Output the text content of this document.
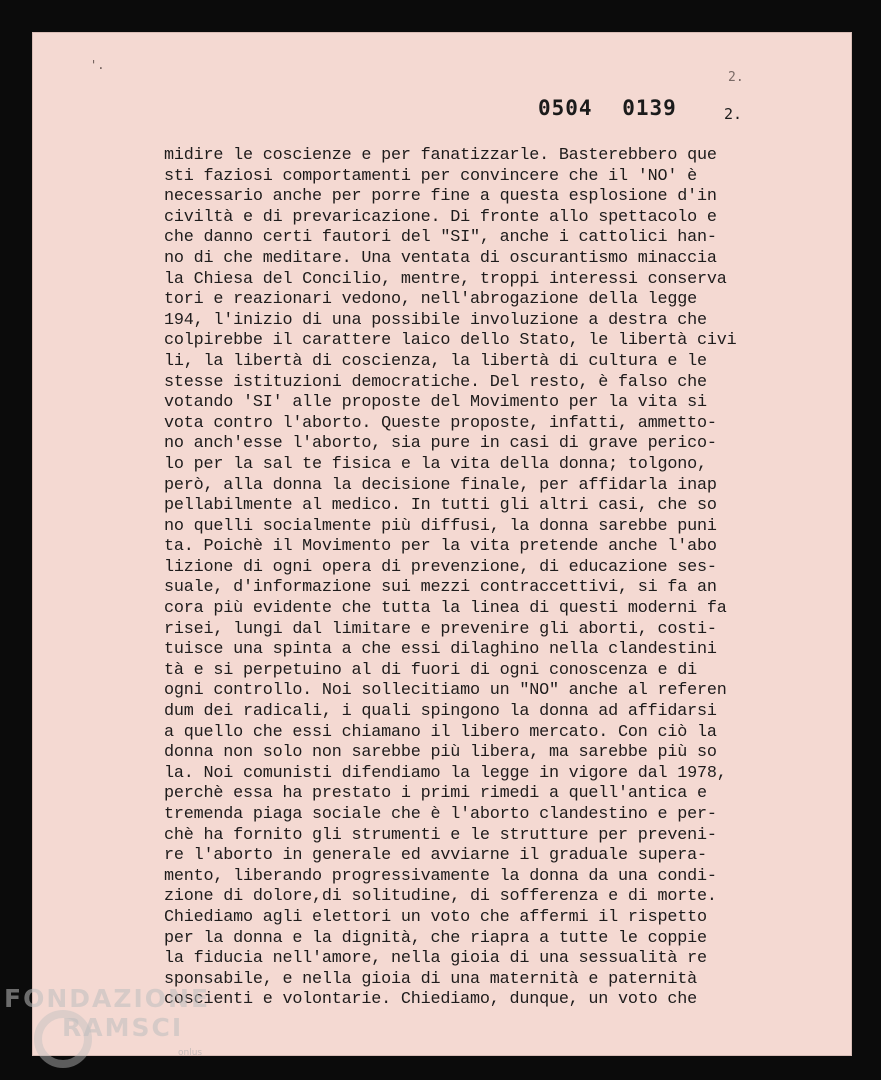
'.
2.
0504 0139	2.
midire le coscienze e per fanatizzarle. Basterebbero que
sti faziosi comportamenti per convincere che il 'NO' è
necessario anche per porre fine a questa esplosione d'in
civiltà e di prevaricazione. Di fronte allo spettacolo e
che danno certi fautori del "SI", anche i cattolici han-
no di che meditare. Una ventata di oscurantismo minaccia
la Chiesa del Concilio, mentre, troppi interessi conserva
tori e reazionari vedono, nell'abrogazione della legge
194, l'inizio di una possibile involuzione a destra che
colpirebbe il carattere laico dello Stato, le libertà civi
li, la libertà di coscienza, la libertà di cultura e le
stesse istituzioni democratiche. Del resto, è falso che
votando 'SI' alle proposte del Movimento per la vita si
vota contro l'aborto. Queste proposte, infatti, ammetto-
no anch'esse l'aborto, sia pure in casi di grave perico-
lo per la sal te fisica e la vita della donna; tolgono,
però, alla donna la decisione finale, per affidarla inap
pellabilmente al medico. In tutti gli altri casi, che so
no quelli socialmente più diffusi, la donna sarebbe puni
ta. Poichè il Movimento per la vita pretende anche l'abo
lizione di ogni opera di prevenzione, di educazione ses-
suale, d'informazione sui mezzi contraccettivi, si fa an
cora più evidente che tutta la linea di questi moderni fa
risei, lungi dal limitare e prevenire gli aborti, costi-
tuisce una spinta a che essi dilaghino nella clandestini
tà e si perpetuino al di fuori di ogni conoscenza e di
ogni controllo. Noi sollecitiamo un "NO" anche al referen
dum dei radicali, i quali spingono la donna ad affidarsi
a quello che essi chiamano il libero mercato. Con ciò la
donna non solo non sarebbe più libera, ma sarebbe più so
la. Noi comunisti difendiamo la legge in vigore dal 1978,
perchè essa ha prestato i primi rimedi a quell'antica e
tremenda piaga sociale che è l'aborto clandestino e per-
chè ha fornito gli strumenti e le strutture per preveni-
re l'aborto in generale ed avviarne il graduale supera-
mento, liberando progressivamente la donna da una condi-
zione di dolore,di solitudine, di sofferenza e di morte.
Chiediamo agli elettori un voto che affermi il rispetto
per la donna e la dignità, che riapra a tutte le coppie
la fiducia nell'amore, nella gioia di una sessualità re
sponsabile, e nella gioia di una maternità e paternità
coscienti e volontarie. Chiediamo, dunque, un voto che
FONDAZIONE
RAMSCI
onlus
